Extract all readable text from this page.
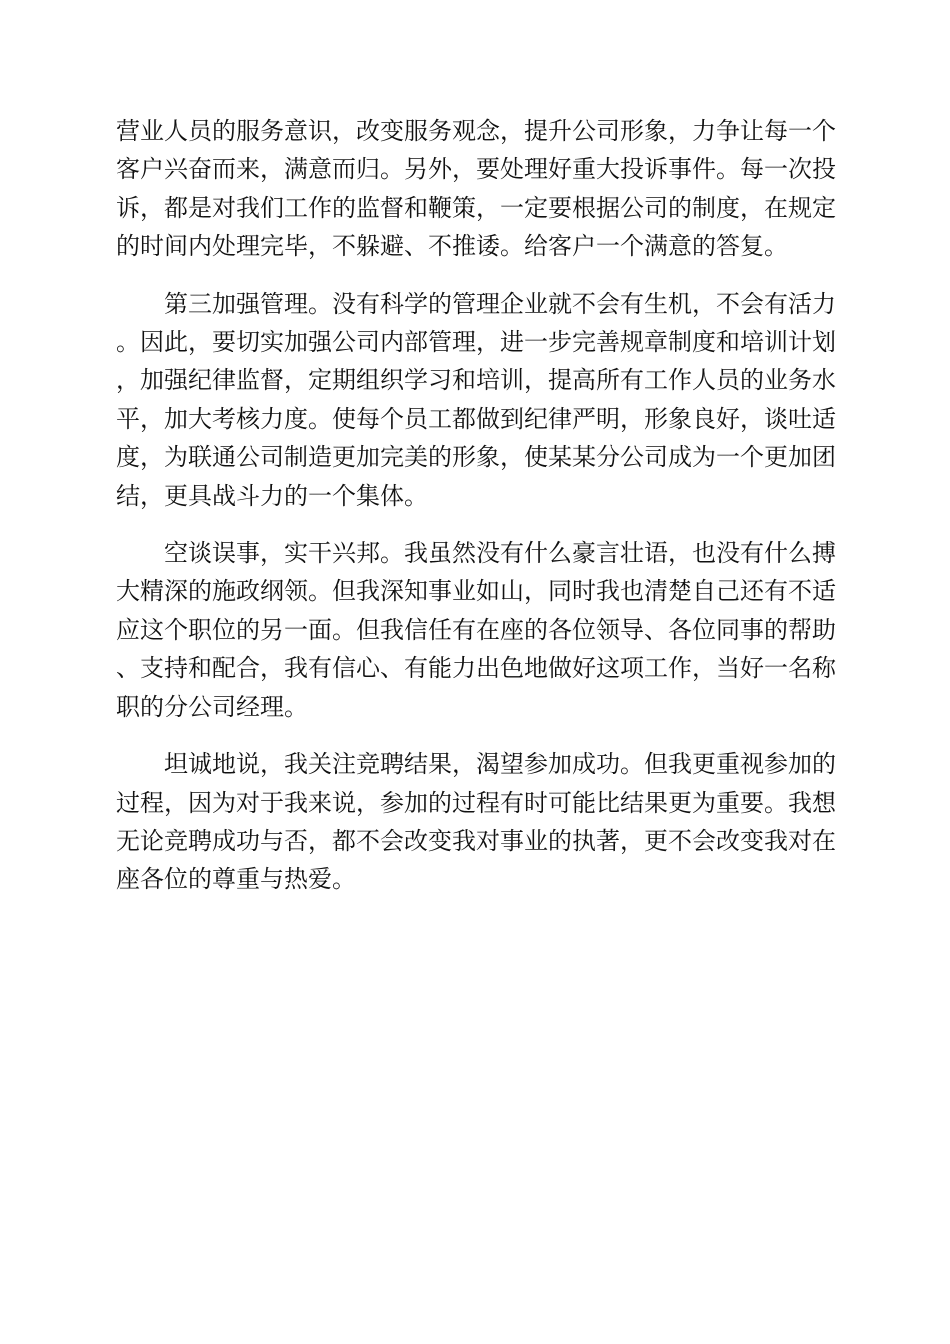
营业人员的服务意识，改变服务观念，提升公司形象，力争让每一个客户兴奋而来，满意而归。另外，要处理好重大投诉事件。每一次投诉，都是对我们工作的监督和鞭策，一定要根据公司的制度，在规定的时间内处理完毕，不躲避、不推诿。给客户一个满意的答复。

第三加强管理。没有科学的管理企业就不会有生机，不会有活力。因此，要切实加强公司内部管理，进一步完善规章制度和培训计划，加强纪律监督，定期组织学习和培训，提高所有工作人员的业务水平，加大考核力度。使每个员工都做到纪律严明，形象良好，谈吐适度，为联通公司制造更加完美的形象，使某某分公司成为一个更加团结，更具战斗力的一个集体。

空谈误事，实干兴邦。我虽然没有什么豪言壮语，也没有什么搏大精深的施政纲领。但我深知事业如山，同时我也清楚自己还有不适应这个职位的另一面。但我信任有在座的各位领导、各位同事的帮助、支持和配合，我有信心、有能力出色地做好这项工作，当好一名称职的分公司经理。

坦诚地说，我关注竞聘结果，渴望参加成功。但我更重视参加的过程，因为对于我来说，参加的过程有时可能比结果更为重要。我想无论竞聘成功与否，都不会改变我对事业的执著，更不会改变我对在座各位的尊重与热爱。
